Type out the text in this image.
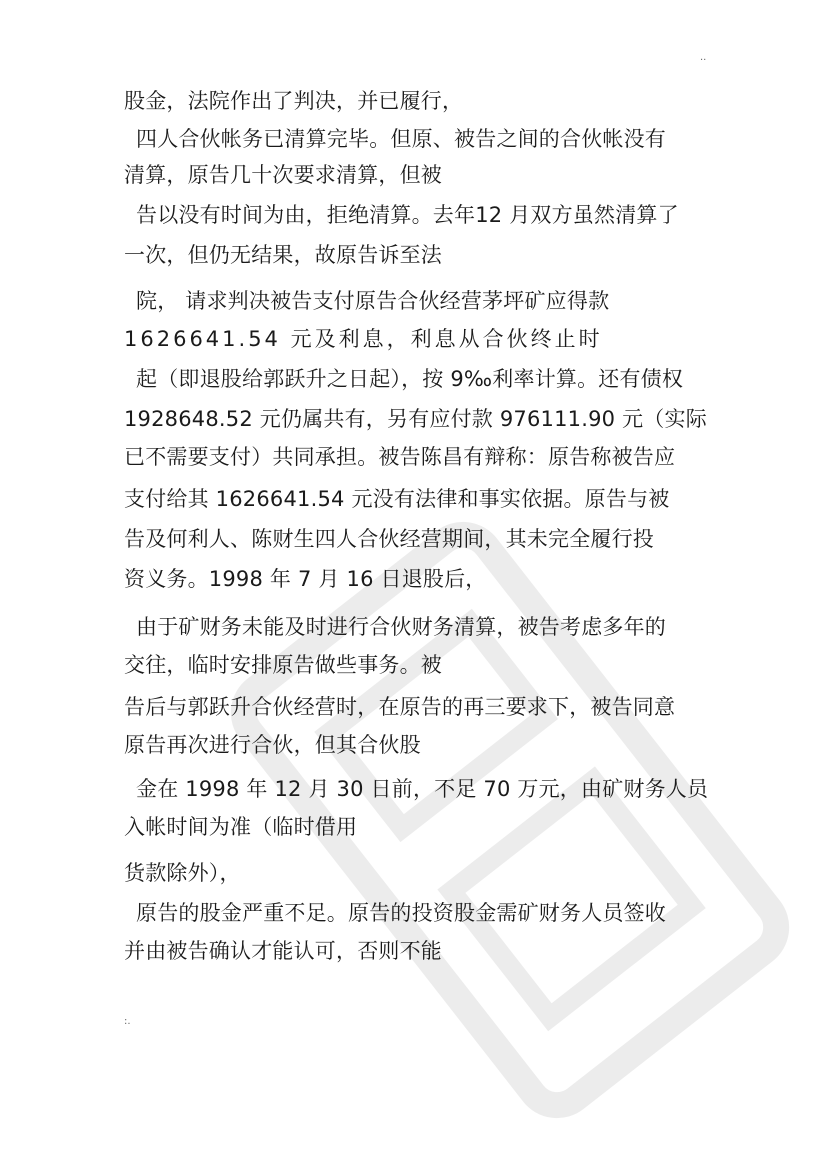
..
股金，法院作出了判决，并已履行，
四人合伙帐务已清算完毕。但原、被告之间的合伙帐没有
清算，原告几十次要求清算，但被
告以没有时间为由，拒绝清算。去年12 月双方虽然清算了
一次，但仍无结果，故原告诉至法
院， 请求判决被告支付原告合伙经营茅坪矿应得款
1626641.54 元及利息，利息从合伙终止时
起（即退股给郭跃升之日起），按 9‰利率计算。还有债权
1928648.52 元仍属共有，另有应付款 976111.90 元（实际
已不需要支付）共同承担。被告陈昌有辩称：原告称被告应
支付给其 1626641.54 元没有法律和事实依据。原告与被
告及何利人、陈财生四人合伙经营期间，其未完全履行投
资义务。1998 年 7 月 16 日退股后，
由于矿财务未能及时进行合伙财务清算，被告考虑多年的
交往，临时安排原告做些事务。被
告后与郭跃升合伙经营时，在原告的再三要求下，被告同意
原告再次进行合伙，但其合伙股
金在 1998 年 12 月 30 日前，不足 70 万元，由矿财务人员
入帐时间为准（临时借用
货款除外），
原告的股金严重不足。原告的投资股金需矿财务人员签收
并由被告确认才能认可，否则不能
:.
